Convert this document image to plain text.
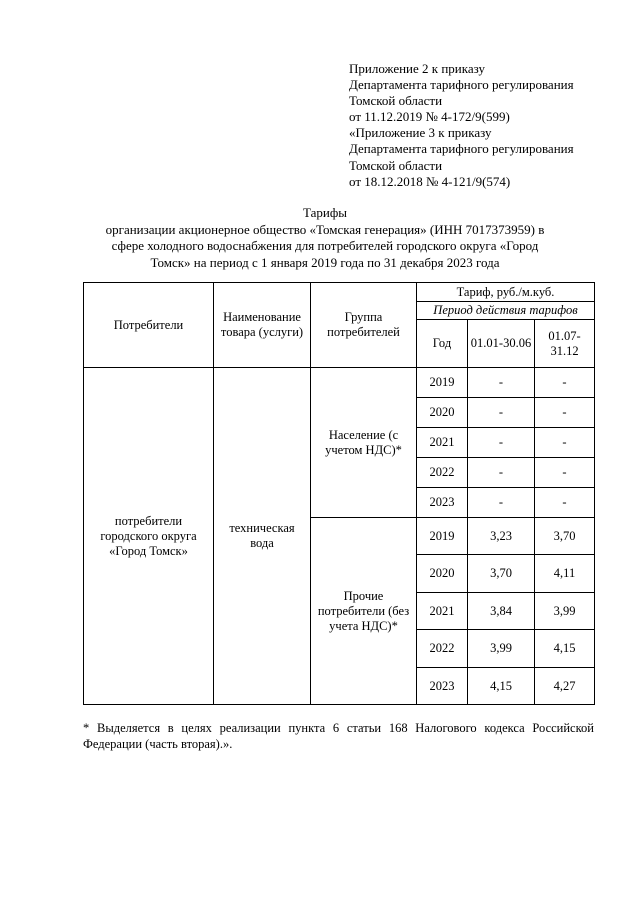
Приложение 2 к приказу
Департамента тарифного регулирования
Томской области
от 11.12.2019 № 4-172/9(599)
«Приложение 3 к приказу
Департамента тарифного регулирования
Томской области
от 18.12.2018 № 4-121/9(574)
Тарифы
организации акционерное общество «Томская генерация» (ИНН 7017373959) в
сфере холодного водоснабжения для потребителей городского округа «Город
Томск» на период с 1 января 2019 года по 31 декабря 2023 года
Потребители	Наименование товара (услуги)	Группа потребителей	Тариф, руб./м.куб.		
			Период действия тарифов		
			Год	01.01-30.06	01.07-31.12
потребители городского округа «Город Томск»	техническая вода	Население (с учетом НДС)*	2019	-	-
			2020	-	-
			2021	-	-
			2022	-	-
			2023	-	-
		Прочие потребители (без учета НДС)*	2019	3,23	3,70
			2020	3,70	4,11
			2021	3,84	3,99
			2022	3,99	4,15
			2023	4,15	4,27
* Выделяется в целях реализации пункта 6 статьи 168 Налогового кодекса Российской Федерации (часть вторая).».
